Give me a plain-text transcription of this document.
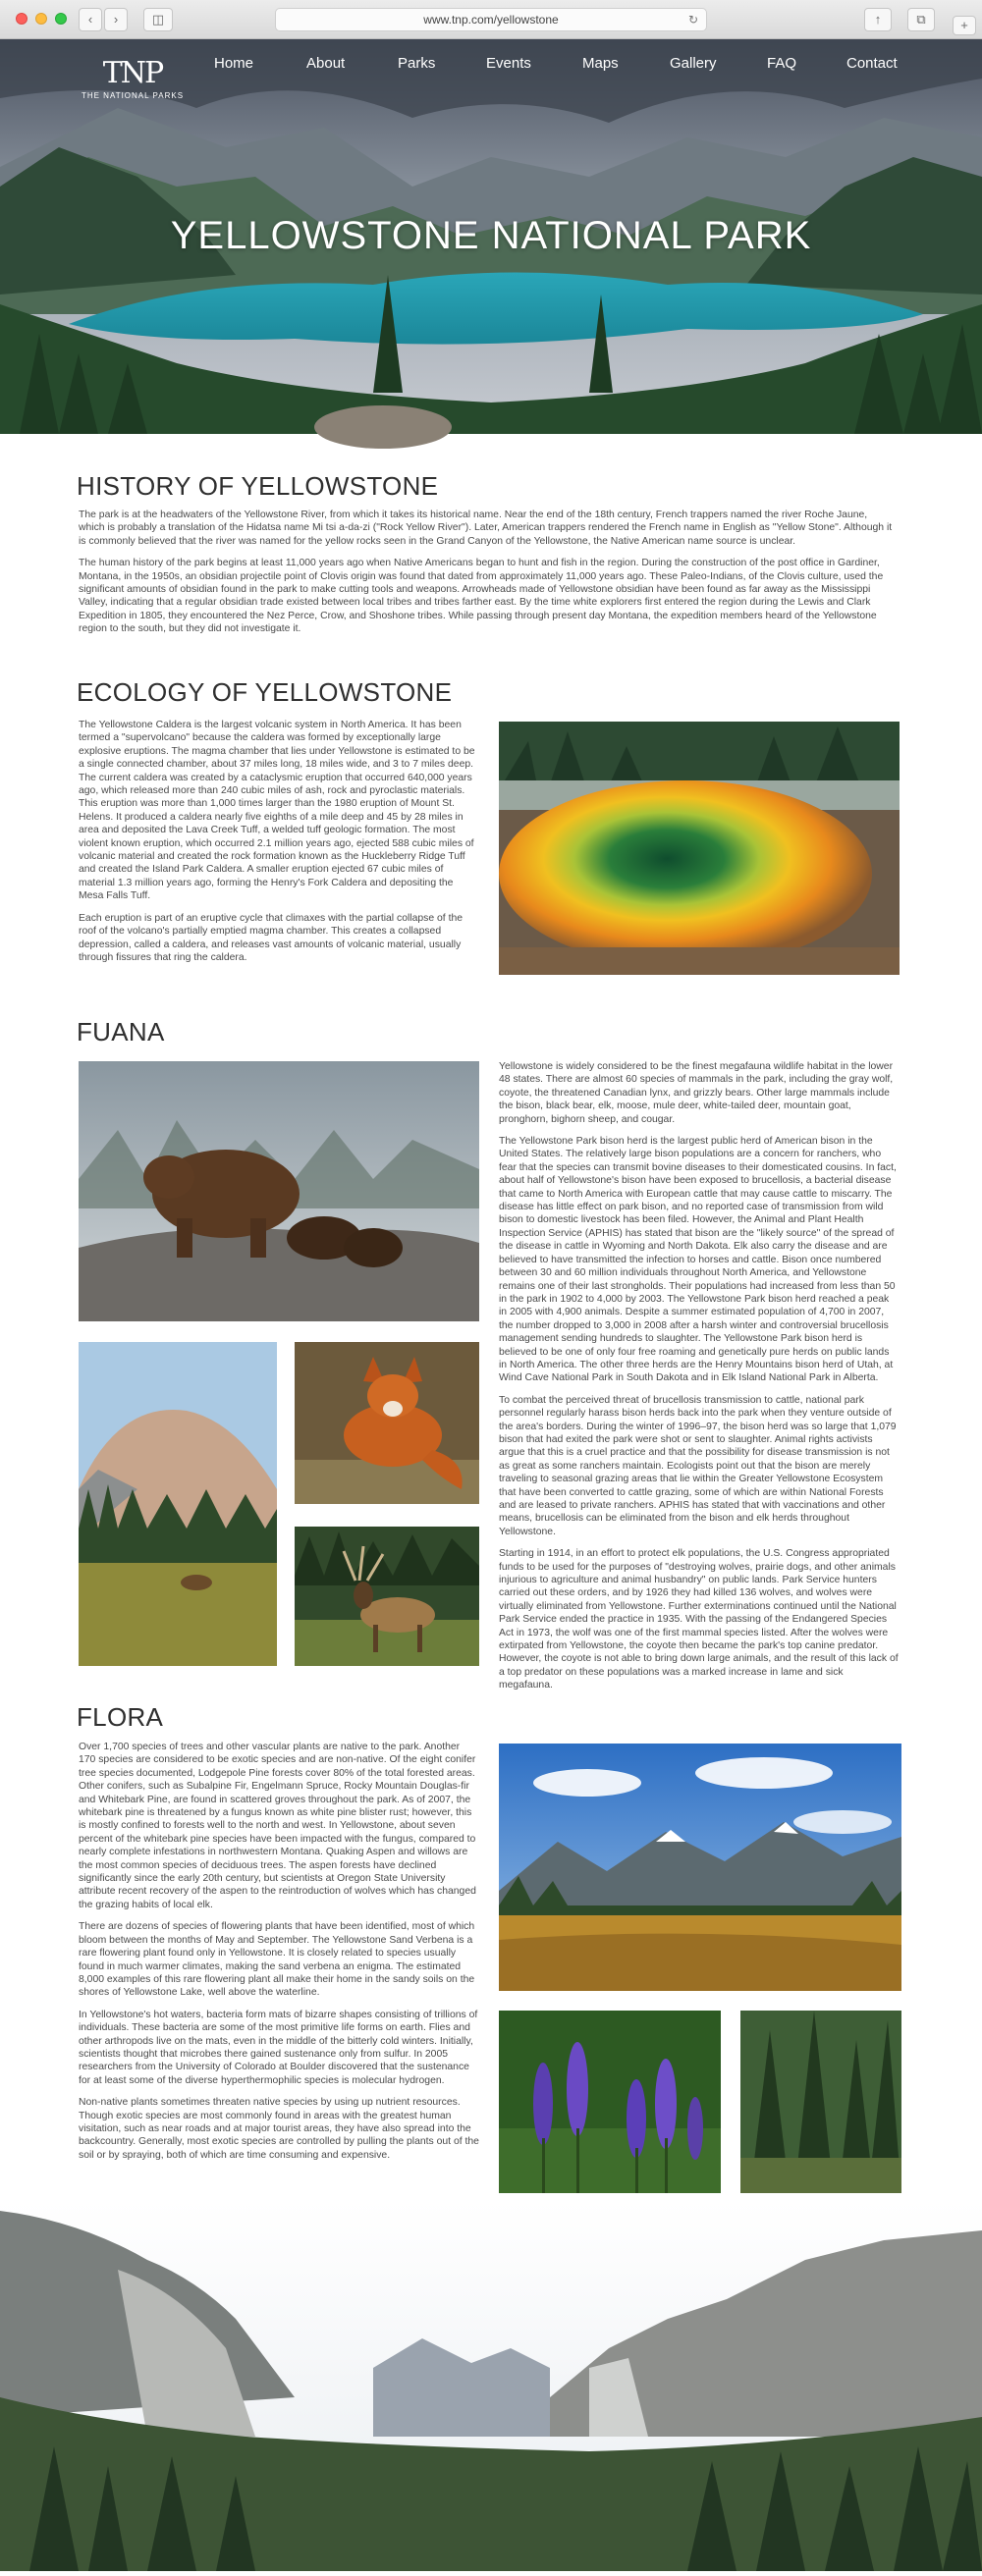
‹	›	◫	www.tnp.com/yellowstone	↻	↑	⧉	+
TNP
THE NATIONAL PARKS
Home	About	Parks	Events	Maps	Gallery	FAQ	Contact
YELLOWSTONE NATIONAL PARK
HISTORY OF YELLOWSTONE

The park is at the headwaters of the Yellowstone River, from which it takes its historical name. Near the end of the 18th century, French trappers named the river Roche Jaune, which is probably a translation of the Hidatsa name Mi tsi a-da-zi ("Rock Yellow River"). Later, American trappers rendered the French name in English as "Yellow Stone". Although it is commonly believed that the river was named for the yellow rocks seen in the Grand Canyon of the Yellowstone, the Native American name source is unclear.

The human history of the park begins at least 11,000 years ago when Native Americans began to hunt and fish in the region. During the construction of the post office in Gardiner, Montana, in the 1950s, an obsidian projectile point of Clovis origin was found that dated from approximately 11,000 years ago. These Paleo-Indians, of the Clovis culture, used the significant amounts of obsidian found in the park to make cutting tools and weapons. Arrowheads made of Yellowstone obsidian have been found as far away as the Mississippi Valley, indicating that a regular obsidian trade existed between local tribes and tribes farther east. By the time white explorers first entered the region during the Lewis and Clark Expedition in 1805, they encountered the Nez Perce, Crow, and Shoshone tribes. While passing through present day Montana, the expedition members heard of the Yellowstone region to the south, but they did not investigate it.

ECOLOGY OF YELLOWSTONE

The Yellowstone Caldera is the largest volcanic system in North America. It has been termed a "supervolcano" because the caldera was formed by exceptionally large explosive eruptions. The magma chamber that lies under Yellowstone is estimated to be a single connected chamber, about 37 miles long, 18 miles wide, and 3 to 7 miles deep. The current caldera was created by a cataclysmic eruption that occurred 640,000 years ago, which released more than 240 cubic miles of ash, rock and pyroclastic materials. This eruption was more than 1,000 times larger than the 1980 eruption of Mount St. Helens. It produced a caldera nearly five eighths of a mile deep and 45 by 28 miles in area and deposited the Lava Creek Tuff, a welded tuff geologic formation. The most violent known eruption, which occurred 2.1 million years ago, ejected 588 cubic miles of volcanic material and created the rock formation known as the Huckleberry Ridge Tuff and created the Island Park Caldera. A smaller eruption ejected 67 cubic miles of material 1.3 million years ago, forming the Henry's Fork Caldera and depositing the Mesa Falls Tuff.

Each eruption is part of an eruptive cycle that climaxes with the partial collapse of the roof of the volcano's partially emptied magma chamber. This creates a collapsed depression, called a caldera, and releases vast amounts of volcanic material, usually through fissures that ring the caldera.

FUANA

Yellowstone is widely considered to be the finest megafauna wildlife habitat in the lower 48 states. There are almost 60 species of mammals in the park, including the gray wolf, coyote, the threatened Canadian lynx, and grizzly bears. Other large mammals include the bison, black bear, elk, moose, mule deer, white-tailed deer, mountain goat, pronghorn, bighorn sheep, and cougar.

The Yellowstone Park bison herd is the largest public herd of American bison in the United States. The relatively large bison populations are a concern for ranchers, who fear that the species can transmit bovine diseases to their domesticated cousins. In fact, about half of Yellowstone's bison have been exposed to brucellosis, a bacterial disease that came to North America with European cattle that may cause cattle to miscarry. The disease has little effect on park bison, and no reported case of transmission from wild bison to domestic livestock has been filed. However, the Animal and Plant Health Inspection Service (APHIS) has stated that bison are the "likely source" of the spread of the disease in cattle in Wyoming and North Dakota. Elk also carry the disease and are believed to have transmitted the infection to horses and cattle. Bison once numbered between 30 and 60 million individuals throughout North America, and Yellowstone remains one of their last strongholds. Their populations had increased from less than 50 in the park in 1902 to 4,000 by 2003. The Yellowstone Park bison herd reached a peak in 2005 with 4,900 animals. Despite a summer estimated population of 4,700 in 2007, the number dropped to 3,000 in 2008 after a harsh winter and controversial brucellosis management sending hundreds to slaughter. The Yellowstone Park bison herd is believed to be one of only four free roaming and genetically pure herds on public lands in North America. The other three herds are the Henry Mountains bison herd of Utah, at Wind Cave National Park in South Dakota and in Elk Island National Park in Alberta.

To combat the perceived threat of brucellosis transmission to cattle, national park personnel regularly harass bison herds back into the park when they venture outside of the area's borders. During the winter of 1996–97, the bison herd was so large that 1,079 bison that had exited the park were shot or sent to slaughter. Animal rights activists argue that this is a cruel practice and that the possibility for disease transmission is not as great as some ranchers maintain. Ecologists point out that the bison are merely traveling to seasonal grazing areas that lie within the Greater Yellowstone Ecosystem that have been converted to cattle grazing, some of which are within National Forests and are leased to private ranchers. APHIS has stated that with vaccinations and other means, brucellosis can be eliminated from the bison and elk herds throughout Yellowstone.

Starting in 1914, in an effort to protect elk populations, the U.S. Congress appropriated funds to be used for the purposes of "destroying wolves, prairie dogs, and other animals injurious to agriculture and animal husbandry" on public lands. Park Service hunters carried out these orders, and by 1926 they had killed 136 wolves, and wolves were virtually eliminated from Yellowstone. Further exterminations continued until the National Park Service ended the practice in 1935. With the passing of the Endangered Species Act in 1973, the wolf was one of the first mammal species listed. After the wolves were extirpated from Yellowstone, the coyote then became the park's top canine predator. However, the coyote is not able to bring down large animals, and the result of this lack of a top predator on these populations was a marked increase in lame and sick megafauna.

FLORA

Over 1,700 species of trees and other vascular plants are native to the park. Another 170 species are considered to be exotic species and are non-native. Of the eight conifer tree species documented, Lodgepole Pine forests cover 80% of the total forested areas. Other conifers, such as Subalpine Fir, Engelmann Spruce, Rocky Mountain Douglas-fir and Whitebark Pine, are found in scattered groves throughout the park. As of 2007, the whitebark pine is threatened by a fungus known as white pine blister rust; however, this is mostly confined to forests well to the north and west. In Yellowstone, about seven percent of the whitebark pine species have been impacted with the fungus, compared to nearly complete infestations in northwestern Montana. Quaking Aspen and willows are the most common species of deciduous trees. The aspen forests have declined significantly since the early 20th century, but scientists at Oregon State University attribute recent recovery of the aspen to the reintroduction of wolves which has changed the grazing habits of local elk.

There are dozens of species of flowering plants that have been identified, most of which bloom between the months of May and September. The Yellowstone Sand Verbena is a rare flowering plant found only in Yellowstone. It is closely related to species usually found in much warmer climates, making the sand verbena an enigma. The estimated 8,000 examples of this rare flowering plant all make their home in the sandy soils on the shores of Yellowstone Lake, well above the waterline.

In Yellowstone's hot waters, bacteria form mats of bizarre shapes consisting of trillions of individuals. These bacteria are some of the most primitive life forms on earth. Flies and other arthropods live on the mats, even in the middle of the bitterly cold winters. Initially, scientists thought that microbes there gained sustenance only from sulfur. In 2005 researchers from the University of Colorado at Boulder discovered that the sustenance for at least some of the diverse hyperthermophilic species is molecular hydrogen.

Non-native plants sometimes threaten native species by using up nutrient resources. Though exotic species are most commonly found in areas with the greatest human visitation, such as near roads and at major tourist areas, they have also spread into the backcountry. Generally, most exotic species are controlled by pulling the plants out of the soil or by spraying, both of which are time consuming and expensive.
